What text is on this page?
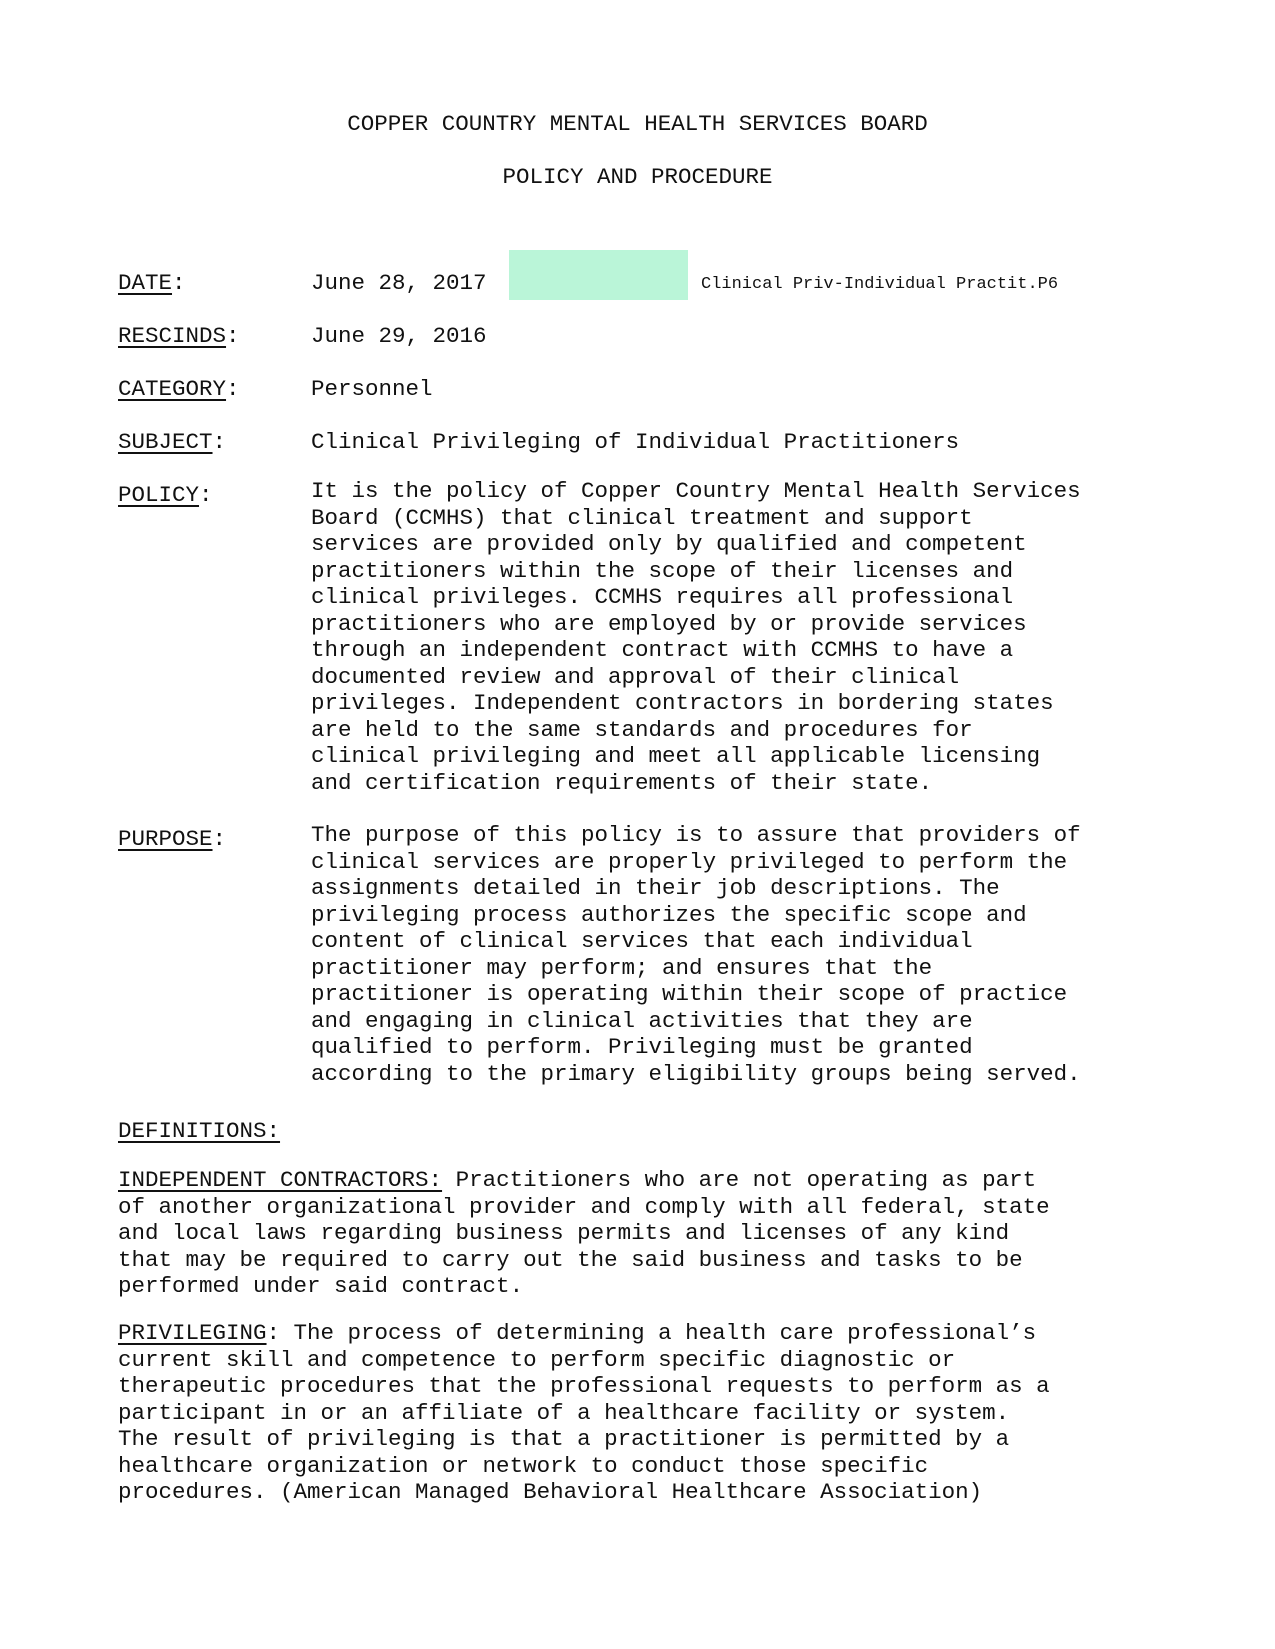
COPPER COUNTRY MENTAL HEALTH SERVICES BOARD
POLICY AND PROCEDURE
DATE:	June 28, 2017	Clinical Priv-Individual Practit.P6
RESCINDS:	June 29, 2016
CATEGORY:	Personnel
SUBJECT:	Clinical Privileging of Individual Practitioners
POLICY:	It is the policy of Copper Country Mental Health Services
Board (CCMHS) that clinical treatment and support
services are provided only by qualified and competent
practitioners within the scope of their licenses and
clinical privileges. CCMHS requires all professional
practitioners who are employed by or provide services
through an independent contract with CCMHS to have a
documented review and approval of their clinical
privileges. Independent contractors in bordering states
are held to the same standards and procedures for
clinical privileging and meet all applicable licensing
and certification requirements of their state.
PURPOSE:	The purpose of this policy is to assure that providers of
clinical services are properly privileged to perform the
assignments detailed in their job descriptions. The
privileging process authorizes the specific scope and
content of clinical services that each individual
practitioner may perform; and ensures that the
practitioner is operating within their scope of practice
and engaging in clinical activities that they are
qualified to perform. Privileging must be granted
according to the primary eligibility groups being served.
DEFINITIONS:
INDEPENDENT CONTRACTORS: Practitioners who are not operating as part
of another organizational provider and comply with all federal, state
and local laws regarding business permits and licenses of any kind
that may be required to carry out the said business and tasks to be
performed under said contract.
PRIVILEGING: The process of determining a health care professional’s
current skill and competence to perform specific diagnostic or
therapeutic procedures that the professional requests to perform as a
participant in or an affiliate of a healthcare facility or system.
The result of privileging is that a practitioner is permitted by a
healthcare organization or network to conduct those specific
procedures. (American Managed Behavioral Healthcare Association)
